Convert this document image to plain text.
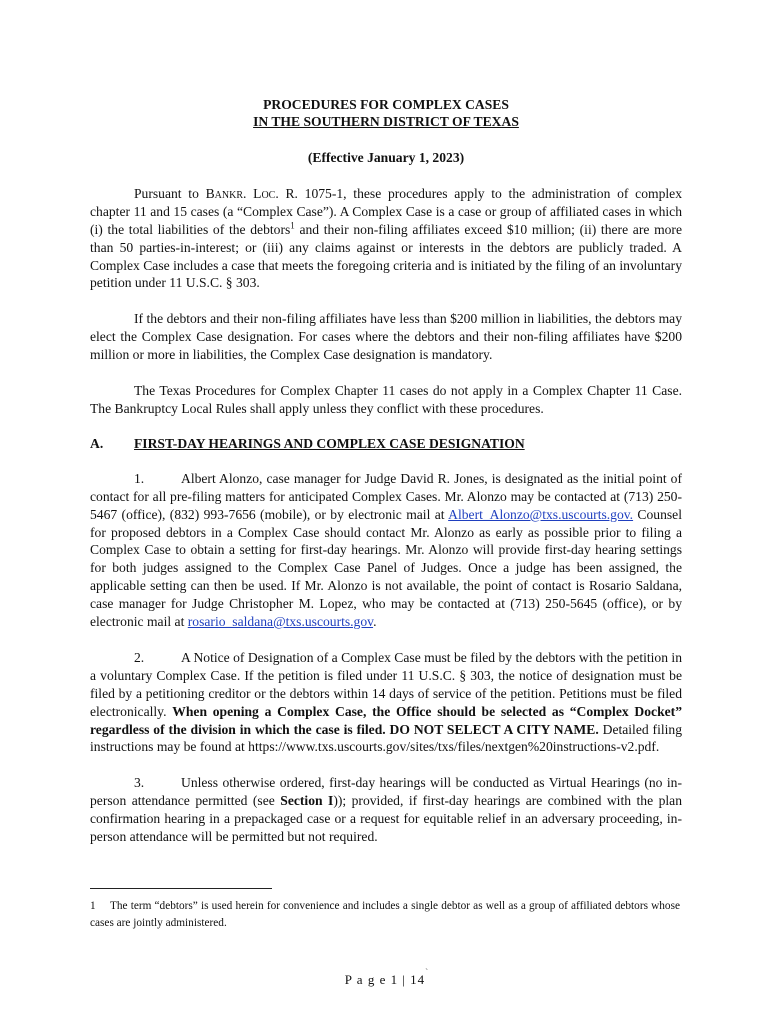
PROCEDURES FOR COMPLEX CASES
IN THE SOUTHERN DISTRICT OF TEXAS

(Effective January 1, 2023)

Pursuant to Bankr. Loc. R. 1075-1, these procedures apply to the administration of complex chapter 11 and 15 cases (a “Complex Case”). A Complex Case is a case or group of affiliated cases in which (i) the total liabilities of the debtors$^1$ and their non-filing affiliates exceed $10 million; (ii) there are more than 50 parties-in-interest; or (iii) any claims against or interests in the debtors are publicly traded. A Complex Case includes a case that meets the foregoing criteria and is initiated by the filing of an involuntary petition under 11 U.S.C. § 303.

If the debtors and their non-filing affiliates have less than $200 million in liabilities, the debtors may elect the Complex Case designation. For cases where the debtors and their non-filing affiliates have $200 million or more in liabilities, the Complex Case designation is mandatory.

The Texas Procedures for Complex Chapter 11 cases do not apply in a Complex Chapter 11 Case. The Bankruptcy Local Rules shall apply unless they conflict with these procedures.

A. FIRST-DAY HEARINGS AND COMPLEX CASE DESIGNATION

1.	Albert Alonzo, case manager for Judge David R. Jones, is designated as the initial point of contact for all pre-filing matters for anticipated Complex Cases. Mr. Alonzo may be contacted at (713) 250-5467 (office), (832) 993-7656 (mobile), or by electronic mail at Albert_Alonzo@txs.uscourts.gov. Counsel for proposed debtors in a Complex Case should contact Mr. Alonzo as early as possible prior to filing a Complex Case to obtain a setting for first-day hearings. Mr. Alonzo will provide first-day hearing settings for both judges assigned to the Complex Case Panel of Judges. Once a judge has been assigned, the applicable setting can then be used. If Mr. Alonzo is not available, the point of contact is Rosario Saldana, case manager for Judge Christopher M. Lopez, who may be contacted at (713) 250-5645 (office), or by electronic mail at rosario_saldana@txs.uscourts.gov.

2.	A Notice of Designation of a Complex Case must be filed by the debtors with the petition in a voluntary Complex Case. If the petition is filed under 11 U.S.C. § 303, the notice of designation must be filed by a petitioning creditor or the debtors within 14 days of service of the petition. Petitions must be filed electronically. When opening a Complex Case, the Office should be selected as “Complex Docket” regardless of the division in which the case is filed. DO NOT SELECT A CITY NAME. Detailed filing instructions may be found at https://www.txs.uscourts.gov/sites/txs/files/nextgen%20instructions-v2.pdf.

3.	Unless otherwise ordered, first-day hearings will be conducted as Virtual Hearings (no in-person attendance permitted (see Section I)); provided, if first-day hearings are combined with the plan confirmation hearing in a prepackaged case or a request for equitable relief in an adversary proceeding, in-person attendance will be permitted but not required.

1 The term “debtors” is used herein for convenience and includes a single debtor as well as a group of affiliated debtors whose cases are jointly administered.
P a g e 1 | 14 `
